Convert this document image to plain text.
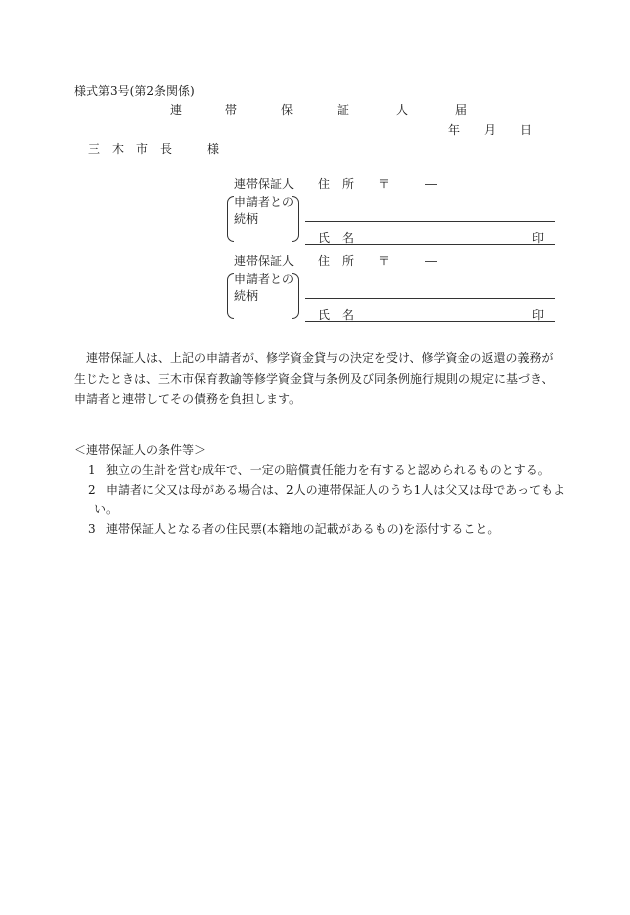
様式第3号(第2条関係)
連	帯	保	証	人	届
年 月 日
三　木　市　長	様
連帯保証人 住　所 〒	―
申請者との
続柄
氏　名	印
連帯保証人 住　所 〒	―
申請者との
続柄
氏　名	印
連帯保証人は、上記の申請者が、修学資金貸与の決定を受け、修学資金の返還の義務が生じたときは、三木市保育教諭等修学資金貸与条例及び同条例施行規則の規定に基づき、申請者と連帯してその債務を負担します。
＜連帯保証人の条件等＞
1 独立の生計を営む成年で、一定の賠償責任能力を有すると認められるものとする。
2 申請者に父又は母がある場合は、2人の連帯保証人のうち1人は父又は母であってもよ
い。
3 連帯保証人となる者の住民票(本籍地の記載があるもの)を添付すること。
